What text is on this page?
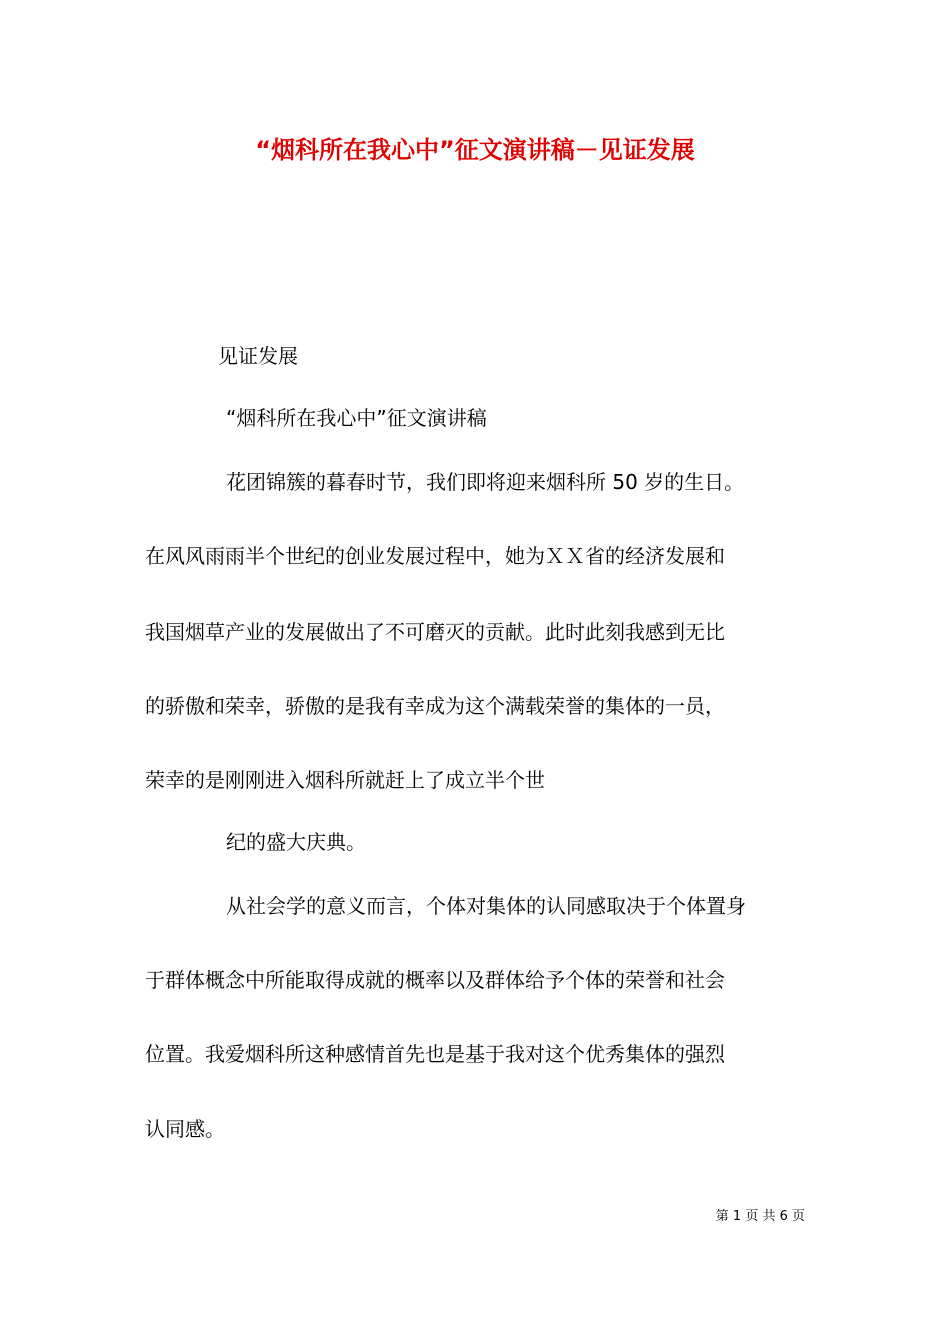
“烟科所在我心中”征文演讲稿－见证发展
见证发展
“烟科所在我心中”征文演讲稿
花团锦簇的暮春时节，我们即将迎来烟科所 50 岁的生日。
在风风雨雨半个世纪的创业发展过程中，她为ＸＸ省的经济发展和
我国烟草产业的发展做出了不可磨灭的贡献。此时此刻我感到无比
的骄傲和荣幸，骄傲的是我有幸成为这个满载荣誉的集体的一员，
荣幸的是刚刚进入烟科所就赶上了成立半个世
纪的盛大庆典。
从社会学的意义而言，个体对集体的认同感取决于个体置身
于群体概念中所能取得成就的概率以及群体给予个体的荣誉和社会
位置。我爱烟科所这种感情首先也是基于我对这个优秀集体的强烈
认同感。
第 1 页 共 6 页
